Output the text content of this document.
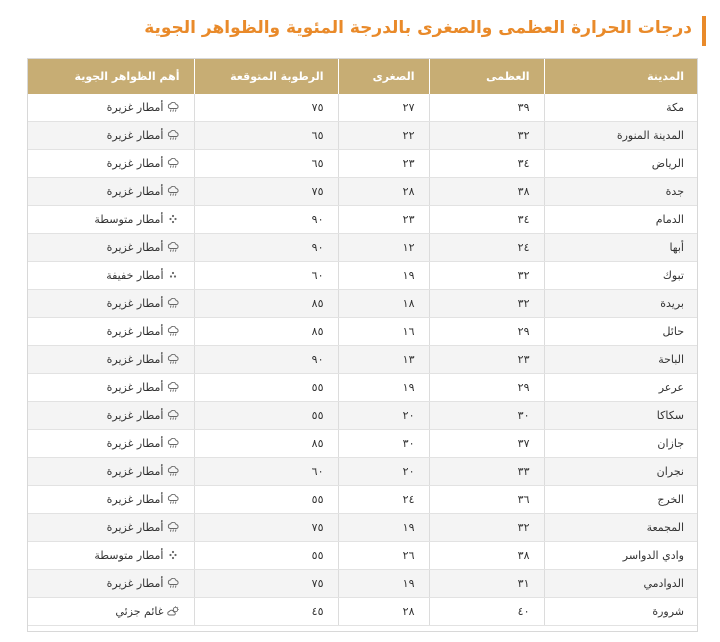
درجات الحرارة العظمى والصغرى بالدرجة المئوية والظواهر الجوية
المدينة	العظمى	الصغرى	الرطوبة المتوقعة	أهم الظواهر الجوية
مكة	٣٩	٢٧	٧٥	أمطار غزيرة
المدينة المنورة	٣٢	٢٢	٦٥	أمطار غزيرة
الرياض	٣٤	٢٣	٦٥	أمطار غزيرة
جدة	٣٨	٢٨	٧٥	أمطار غزيرة
الدمام	٣٤	٢٣	٩٠	أمطار متوسطة
أبها	٢٤	١٢	٩٠	أمطار غزيرة
تبوك	٣٢	١٩	٦٠	أمطار خفيفة
بريدة	٣٢	١٨	٨٥	أمطار غزيرة
حائل	٢٩	١٦	٨٥	أمطار غزيرة
الباحة	٢٣	١٣	٩٠	أمطار غزيرة
عرعر	٢٩	١٩	٥٥	أمطار غزيرة
سكاكا	٣٠	٢٠	٥٥	أمطار غزيرة
جازان	٣٧	٣٠	٨٥	أمطار غزيرة
نجران	٣٣	٢٠	٦٠	أمطار غزيرة
الخرج	٣٦	٢٤	٥٥	أمطار غزيرة
المجمعة	٣٢	١٩	٧٥	أمطار غزيرة
وادي الدواسر	٣٨	٢٦	٥٥	أمطار متوسطة
الدوادمي	٣١	١٩	٧٥	أمطار غزيرة
شرورة	٤٠	٢٨	٤٥	غائم جزئي
